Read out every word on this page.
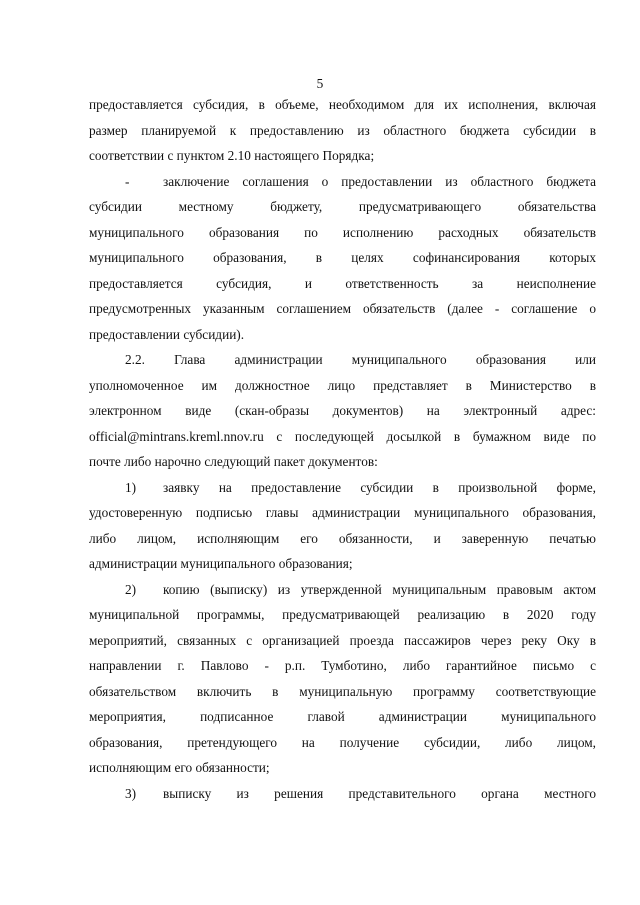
5
предоставляется субсидия, в объеме, необходимом для их исполнения, включая
размер планируемой к предоставлению из областного бюджета субсидии в
соответствии с пунктом 2.10 настоящего Порядка;
-	заключение соглашения о предоставлении из областного бюджета
субсидии местному бюджету, предусматривающего обязательства
муниципального образования по исполнению расходных обязательств
муниципального образования, в целях софинансирования которых
предоставляется субсидия, и ответственность за неисполнение
предусмотренных указанным соглашением обязательств (далее - соглашение о
предоставлении субсидии).
2.2. Глава администрации муниципального образования или
уполномоченное им должностное лицо представляет в Министерство в
электронном виде (скан-образы документов) на электронный адрес:
official@mintrans.kreml.nnov.ru с последующей досылкой в бумажном виде по
почте либо нарочно следующий пакет документов:
1) заявку на предоставление субсидии в произвольной форме,
удостоверенную подписью главы администрации муниципального образования,
либо лицом, исполняющим его обязанности, и заверенную печатью
администрации муниципального образования;
2) копию (выписку) из утвержденной муниципальным правовым актом
муниципальной программы, предусматривающей реализацию в 2020 году
мероприятий, связанных с организацией проезда пассажиров через реку Оку в
направлении г. Павлово - р.п. Тумботино, либо гарантийное письмо с
обязательством включить в муниципальную программу соответствующие
мероприятия, подписанное главой администрации муниципального
образования, претендующего на получение субсидии, либо лицом,
исполняющим его обязанности;
3) выписку из решения представительного органа местного
